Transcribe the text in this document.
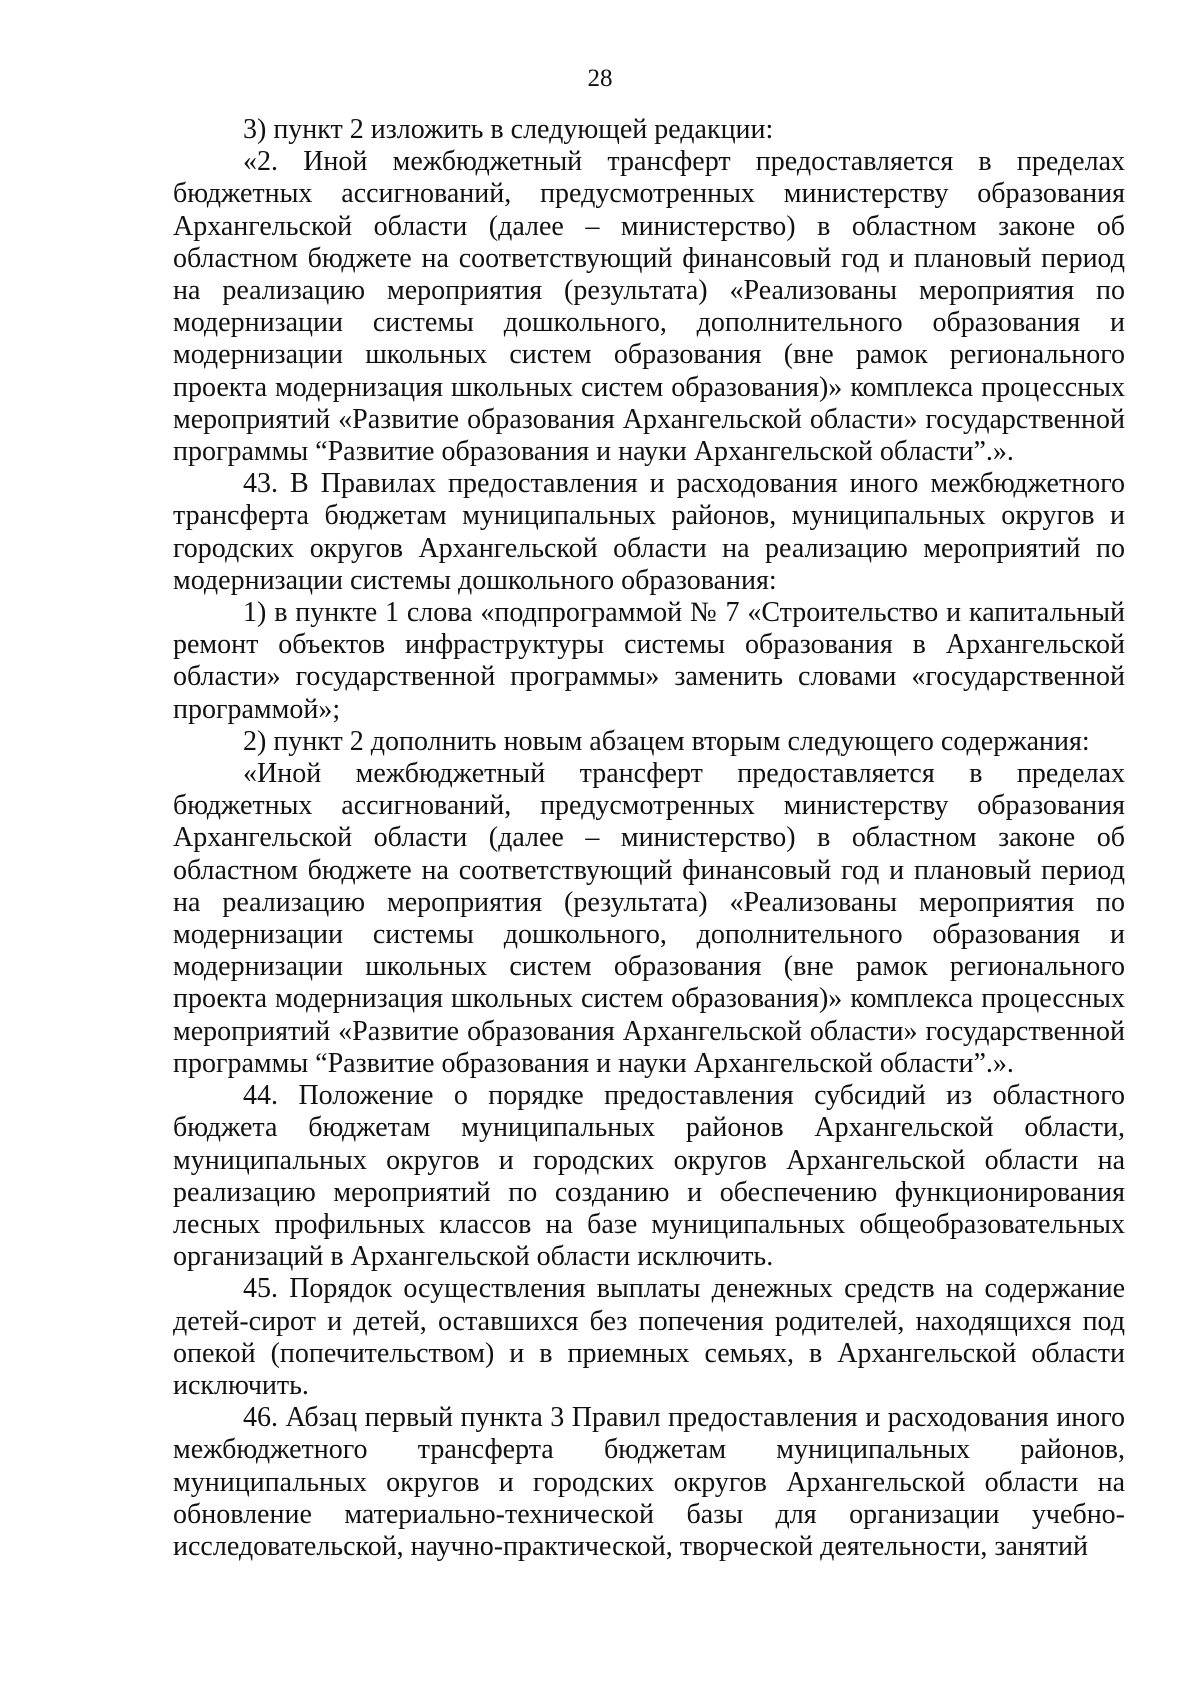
28

3) пункт 2 изложить в следующей редакции:

«2. Иной межбюджетный трансферт предоставляется в пределах бюджетных ассигнований, предусмотренных министерству образования Архангельской области (далее – министерство) в областном законе об областном бюджете на соответствующий финансовый год и плановый период на реализацию мероприятия (результата) «Реализованы мероприятия по модернизации системы дошкольного, дополнительного образования и модернизации школьных систем образования (вне рамок регионального проекта модернизация школьных систем образования)» комплекса процессных мероприятий «Развитие образования Архангельской области» государственной программы “Развитие образования и науки Архангельской области”.».

43. В Правилах предоставления и расходования иного межбюджетного трансферта бюджетам муниципальных районов, муниципальных округов и городских округов Архангельской области на реализацию мероприятий по модернизации системы дошкольного образования:

1) в пункте 1 слова «подпрограммой № 7 «Строительство и капитальный ремонт объектов инфраструктуры системы образования в Архангельской области» государственной программы» заменить словами «государственной программой»;

2) пункт 2 дополнить новым абзацем вторым следующего содержания:

«Иной межбюджетный трансферт предоставляется в пределах бюджетных ассигнований, предусмотренных министерству образования Архангельской области (далее – министерство) в областном законе об областном бюджете на соответствующий финансовый год и плановый период на реализацию мероприятия (результата) «Реализованы мероприятия по модернизации системы дошкольного, дополнительного образования и модернизации школьных систем образования (вне рамок регионального проекта модернизация школьных систем образования)» комплекса процессных мероприятий «Развитие образования Архангельской области» государственной программы “Развитие образования и науки Архангельской области”.».

44. Положение о порядке предоставления субсидий из областного бюджета бюджетам муниципальных районов Архангельской области, муниципальных округов и городских округов Архангельской области на реализацию мероприятий по созданию и обеспечению функционирования лесных профильных классов на базе муниципальных общеобразовательных организаций в Архангельской области исключить.

45. Порядок осуществления выплаты денежных средств на содержание детей-сирот и детей, оставшихся без попечения родителей, находящихся под опекой (попечительством) и в приемных семьях, в Архангельской области исключить.

46. Абзац первый пункта 3 Правил предоставления и расходования иного межбюджетного трансферта бюджетам муниципальных районов, муниципальных округов и городских округов Архангельской области на обновление материально-технической базы для организации учебно-исследовательской, научно-практической, творческой деятельности, занятий
